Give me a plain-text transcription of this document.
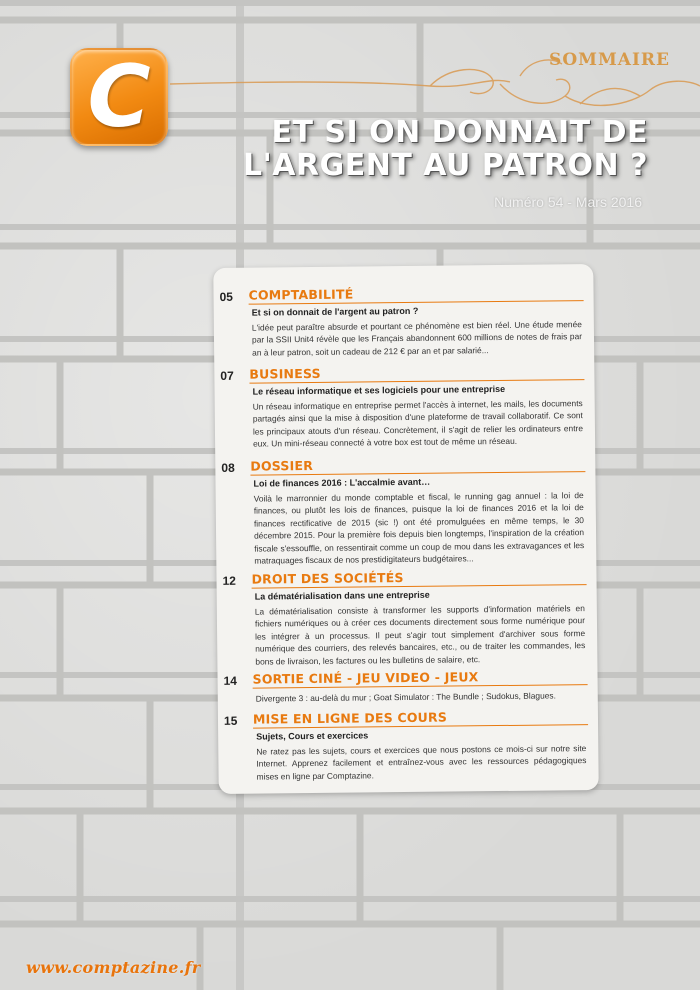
C	SOMMAIRE
ET SI ON DONNAIT DE
L'ARGENT AU PATRON ?
Numéro 54 - Mars 2016
05 COMPTABILITÉ
Et si on donnait de l'argent au patron ?
L'idée peut paraître absurde et pourtant ce phénomène est bien réel. Une étude menée par la SSII Unit4 révèle que les Français abandonnent 600 millions de notes de frais par an à leur patron, soit un cadeau de 212 € par an et par salarié...
07 BUSINESS
Le réseau informatique et ses logiciels pour une entreprise
Un réseau informatique en entreprise permet l'accès à internet, les mails, les documents partagés ainsi que la mise à disposition d'une plateforme de travail collaboratif. Ce sont les principaux atouts d'un réseau. Concrètement, il s'agit de relier les ordinateurs entre eux. Un mini-réseau connecté à votre box est tout de même un réseau.
08 DOSSIER
Loi de finances 2016 : L'accalmie avant…
Voilà le marronnier du monde comptable et fiscal, le running gag annuel : la loi de finances, ou plutôt les lois de finances, puisque la loi de finances 2016 et la loi de finances rectificative de 2015 (sic !) ont été promulguées en même temps, le 30 décembre 2015. Pour la première fois depuis bien longtemps, l'inspiration de la création fiscale s'essouffle, on ressentirait comme un coup de mou dans les extravagances et les matraquages fiscaux de nos prestidigitateurs budgétaires...
12 DROIT DES SOCIÉTÉS
La dématérialisation dans une entreprise
La dématérialisation consiste à transformer les supports d'information matériels en fichiers numériques ou à créer ces documents directement sous forme numérique pour les intégrer à un processus. Il peut s'agir tout simplement d'archiver sous forme numérique des courriers, des relevés bancaires, etc., ou de traiter les commandes, les bons de livraison, les factures ou les bulletins de salaire, etc.
14 SORTIE CINÉ - JEU VIDEO - JEUX
Divergente 3 : au-delà du mur ; Goat Simulator : The Bundle ; Sudokus, Blagues.
15 MISE EN LIGNE DES COURS
Sujets, Cours et exercices
Ne ratez pas les sujets, cours et exercices que nous postons ce mois-ci sur notre site Internet. Apprenez facilement et entraînez-vous avec les ressources pédagogiques mises en ligne par Comptazine.
www.comptazine.fr
